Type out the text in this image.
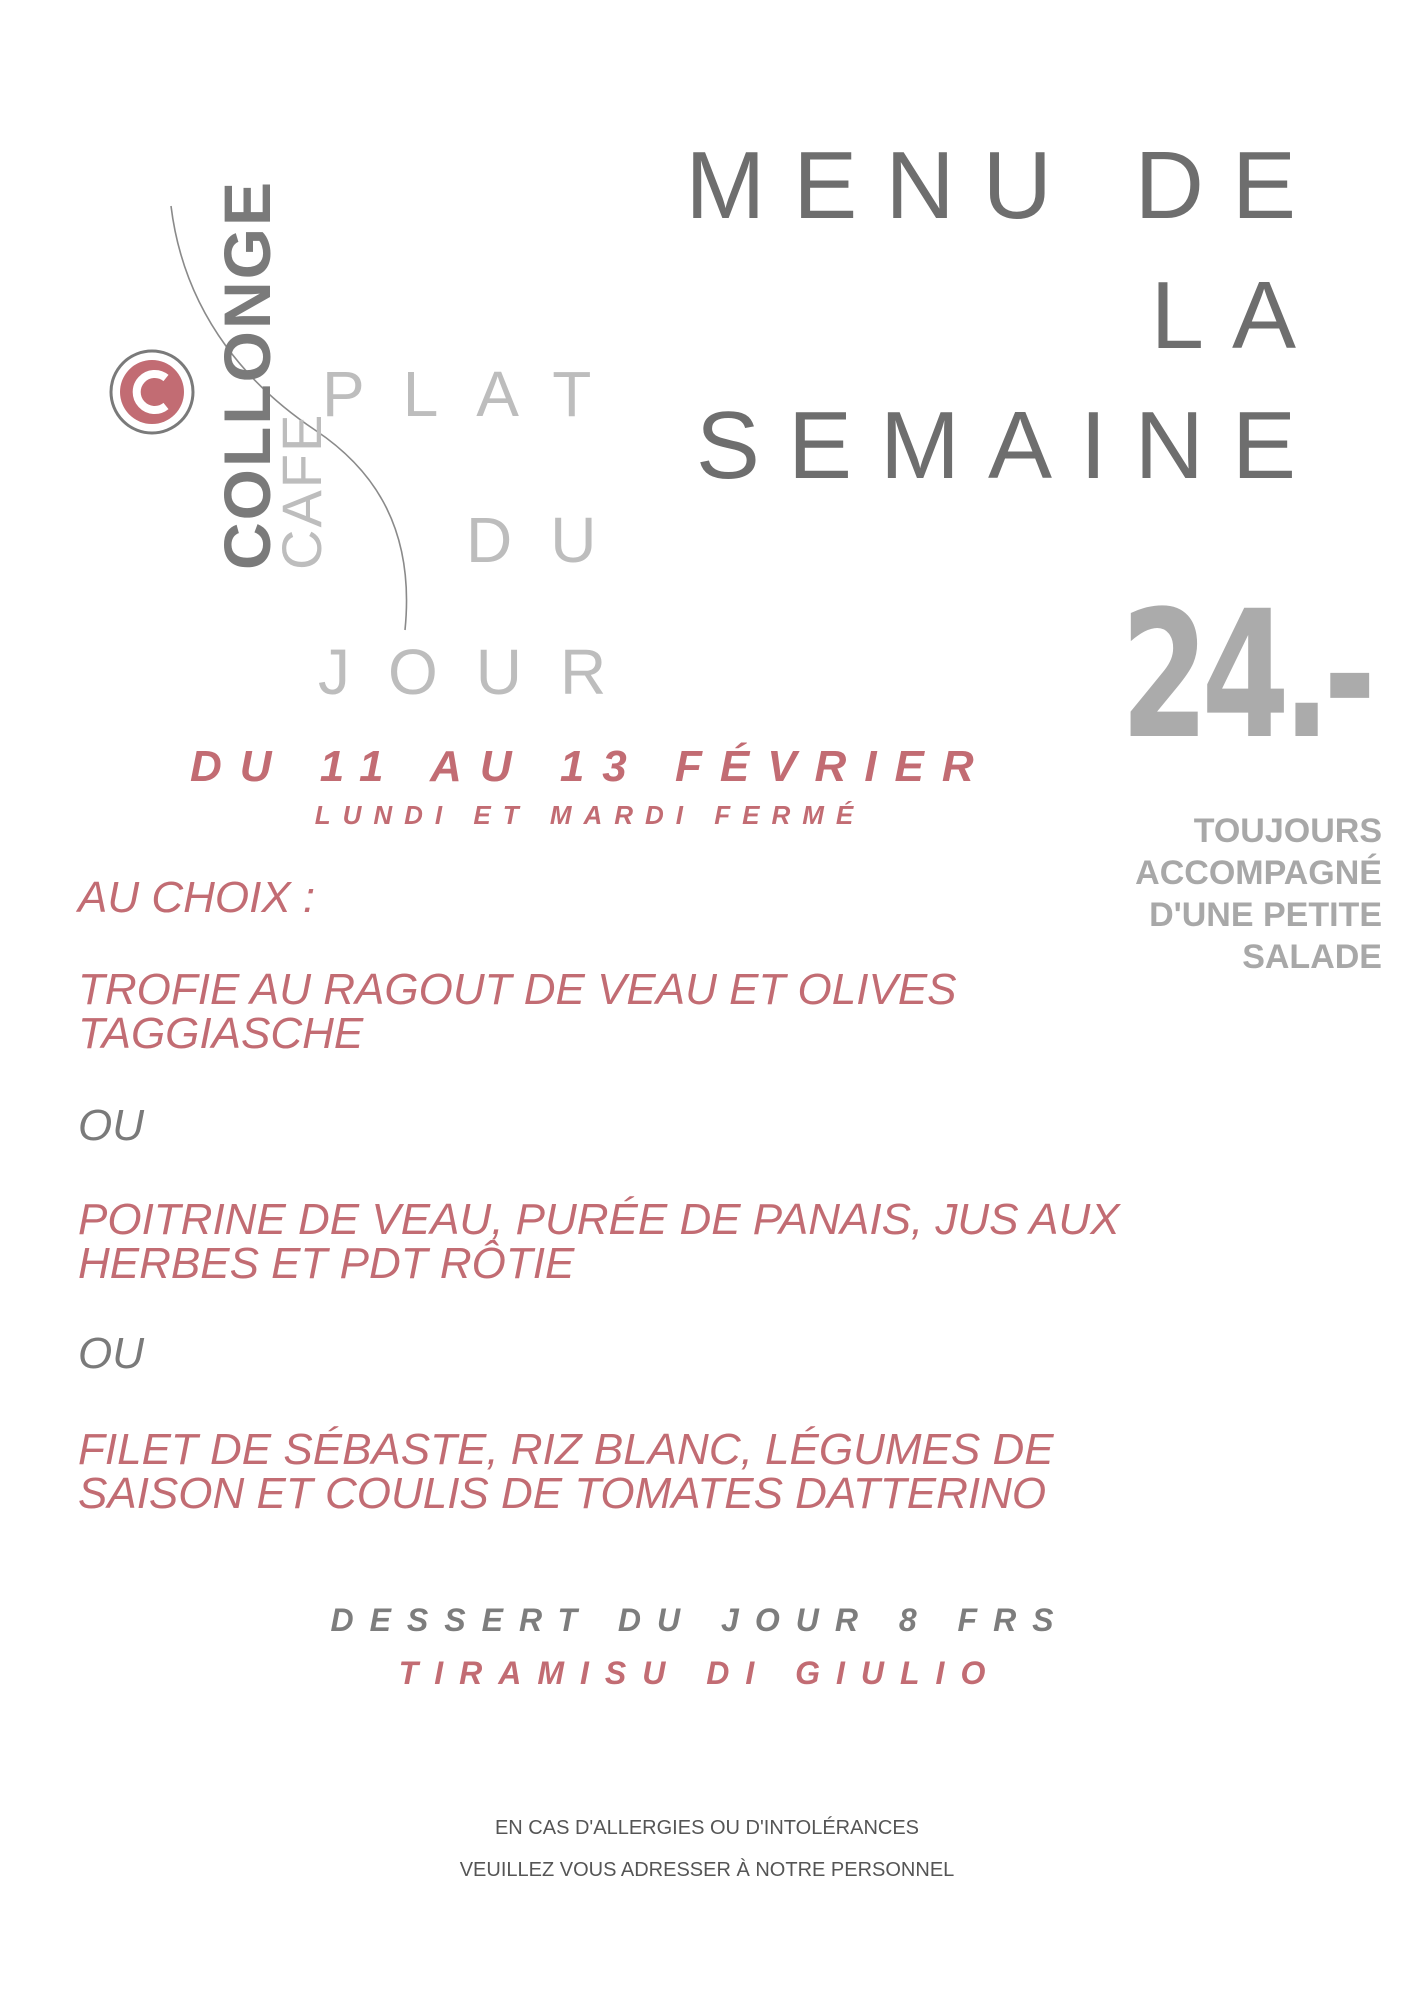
MENU DE
LA
SEMAINE
COLLONGE
CAFE
PLAT
DU
JOUR	24.-
TOUJOURS ACCOMPAGNÉ D'UNE PETITE SALADE
DU 11 AU 13 FÉVRIER
LUNDI ET MARDI FERMÉ
AU CHOIX :
TROFIE AU RAGOUT DE VEAU ET OLIVES TAGGIASCHE
OU
POITRINE DE VEAU, PURÉE DE PANAIS, JUS AUX HERBES ET PDT RÔTIE
OU
FILET DE SÉBASTE, RIZ BLANC, LÉGUMES DE SAISON ET COULIS DE TOMATES DATTERINO
DESSERT DU JOUR 8 FRS
TIRAMISU DI GIULIO
EN CAS D'ALLERGIES OU D'INTOLÉRANCES
VEUILLEZ VOUS ADRESSER À NOTRE PERSONNEL
